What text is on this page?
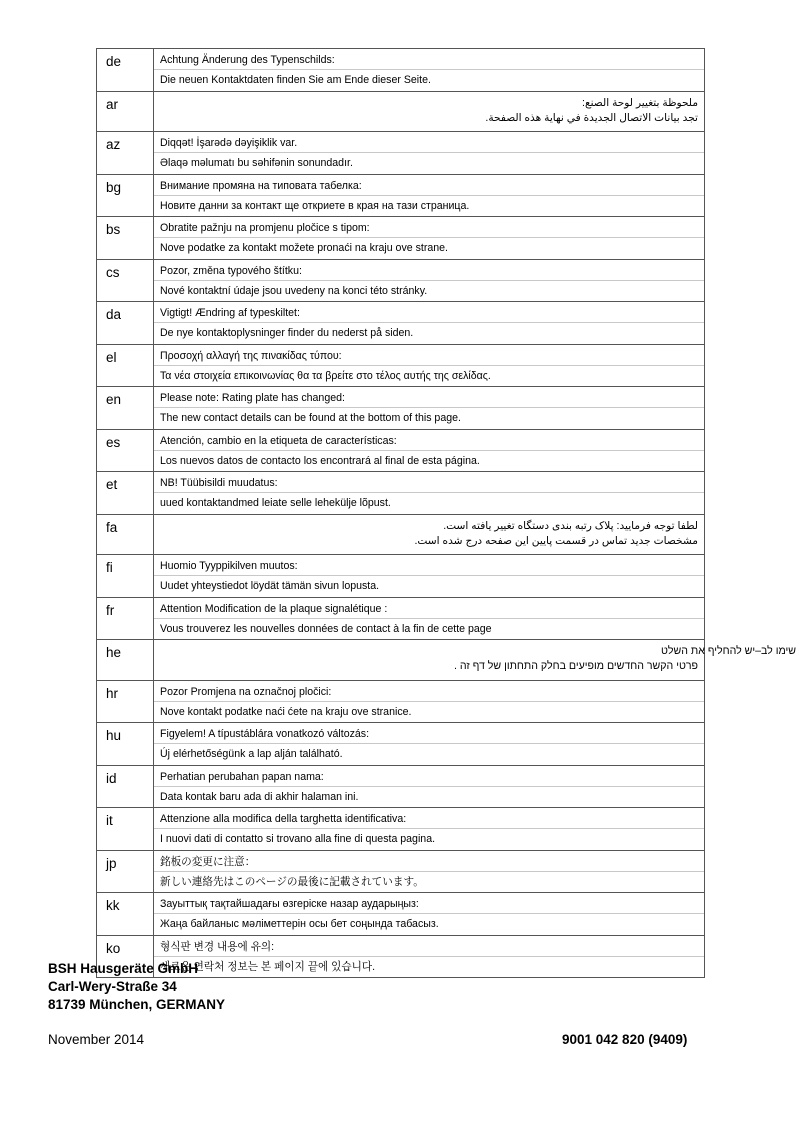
de	Achtung Änderung des Typenschilds:
Die neuen Kontaktdaten finden Sie am Ende dieser Seite.

ar	ملحوظة بتغيير لوحة الصنع:
تجد بيانات الاتصال الجديدة في نهاية هذه الصفحة.

az	Diqqət! İşarədə dəyişiklik var.
Əlaqə məlumatı bu səhifənin sonundadır.

bg	Внимание промяна на типовата табелка:
Новите данни за контакт ще откриете в края на тази страница.

bs	Obratite pažnju na promjenu pločice s tipom:
Nove podatke za kontakt možete pronaći na kraju ove strane.

cs	Pozor, změna typového štítku:
Nové kontaktní údaje jsou uvedeny na konci této stránky.

da	Vigtigt! Ændring af typeskiltet:
De nye kontaktoplysninger finder du nederst på siden.

el	Προσοχή αλλαγή της πινακίδας τύπου:
Τα νέα στοιχεία επικοινωνίας θα τα βρείτε στο τέλος αυτής της σελίδας.

en	Please note: Rating plate has changed:
The new contact details can be found at the bottom of this page.

es	Atención, cambio en la etiqueta de características:
Los nuevos datos de contacto los encontrará al final de esta página.

et	NB! Tüübisildi muudatus:
uued kontaktandmed leiate selle lehekülje lõpust.

fa	لطفا توجه فرمایید: پلاک رتبه بندی دستگاه تغییر یافته است.
مشخصات جدید تماس در قسمت پایین این صفحه درج شده است.

fi	Huomio Tyyppikilven muutos:
Uudet yhteystiedot löydät tämän sivun lopusta.

fr	Attention Modification de la plaque signalétique :
Vous trouverez les nouvelles données de contact à la fin de cette page

he	שימו לב–יש להחליף את השלט
פרטי הקשר החדשים מופיעים בחלק התחתון של דף זה .

hr	Pozor Promjena na označnoj pločici:
Nove kontakt podatke naći ćete na kraju ove stranice.

hu	Figyelem! A típustáblára vonatkozó változás:
Új elérhetőségünk a lap alján található.

id	Perhatian perubahan papan nama:
Data kontak baru ada di akhir halaman ini.

it	Attenzione alla modifica della targhetta identificativa:
I nuovi dati di contatto si trovano alla fine di questa pagina.

jp	銘板の変更に注意：
新しい連絡先はこのページの最後に記載されています。

kk	Зауыттық тақтайшадағы өзгеріске назар аударыңыз:
Жаңа байланыс мәліметтерін осы бет соңында табасыз.

ko	형식판 변경 내용에 유의:
새로운 연락처 정보는 본 페이지 끝에 있습니다.
BSH Hausgeräte GmbH
Carl-Wery-Straße 34
81739 München, GERMANY
November 2014	9001 042 820 (9409)
